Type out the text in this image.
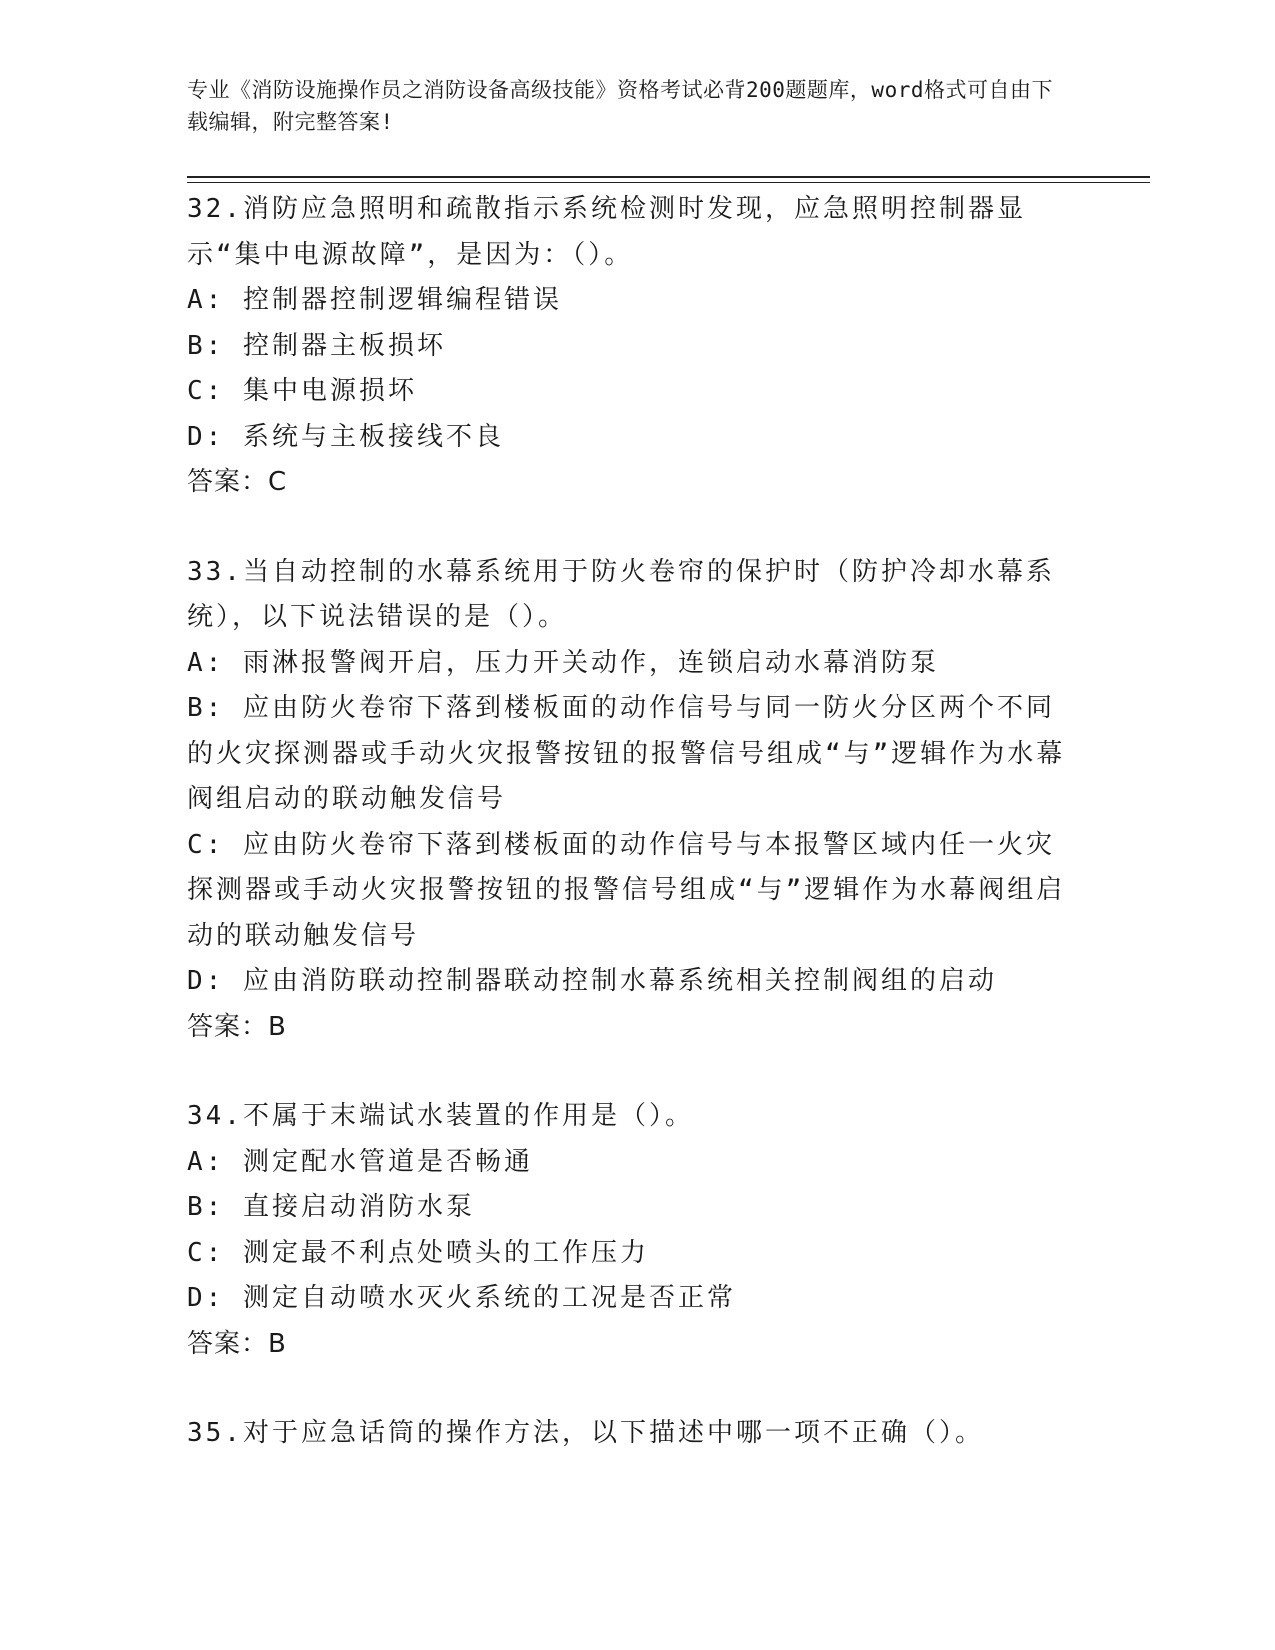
专业《消防设施操作员之消防设备高级技能》资格考试必背200题题库，word格式可自由下载编辑，附完整答案!
32.消防应急照明和疏散指示系统检测时发现，应急照明控制器显示“集中电源故障”，是因为：（）。
A: 控制器控制逻辑编程错误
B: 控制器主板损坏
C: 集中电源损坏
D: 系统与主板接线不良
答案：C
33.当自动控制的水幕系统用于防火卷帘的保护时（防护冷却水幕系统），以下说法错误的是（）。
A: 雨淋报警阀开启，压力开关动作，连锁启动水幕消防泵
B: 应由防火卷帘下落到楼板面的动作信号与同一防火分区两个不同的火灾探测器或手动火灾报警按钮的报警信号组成“与”逻辑作为水幕阀组启动的联动触发信号
C: 应由防火卷帘下落到楼板面的动作信号与本报警区域内任一火灾探测器或手动火灾报警按钮的报警信号组成“与”逻辑作为水幕阀组启动的联动触发信号
D: 应由消防联动控制器联动控制水幕系统相关控制阀组的启动
答案：B
34.不属于末端试水装置的作用是（）。
A: 测定配水管道是否畅通
B: 直接启动消防水泵
C: 测定最不利点处喷头的工作压力
D: 测定自动喷水灭火系统的工况是否正常
答案：B
35.对于应急话筒的操作方法，以下描述中哪一项不正确（）。
